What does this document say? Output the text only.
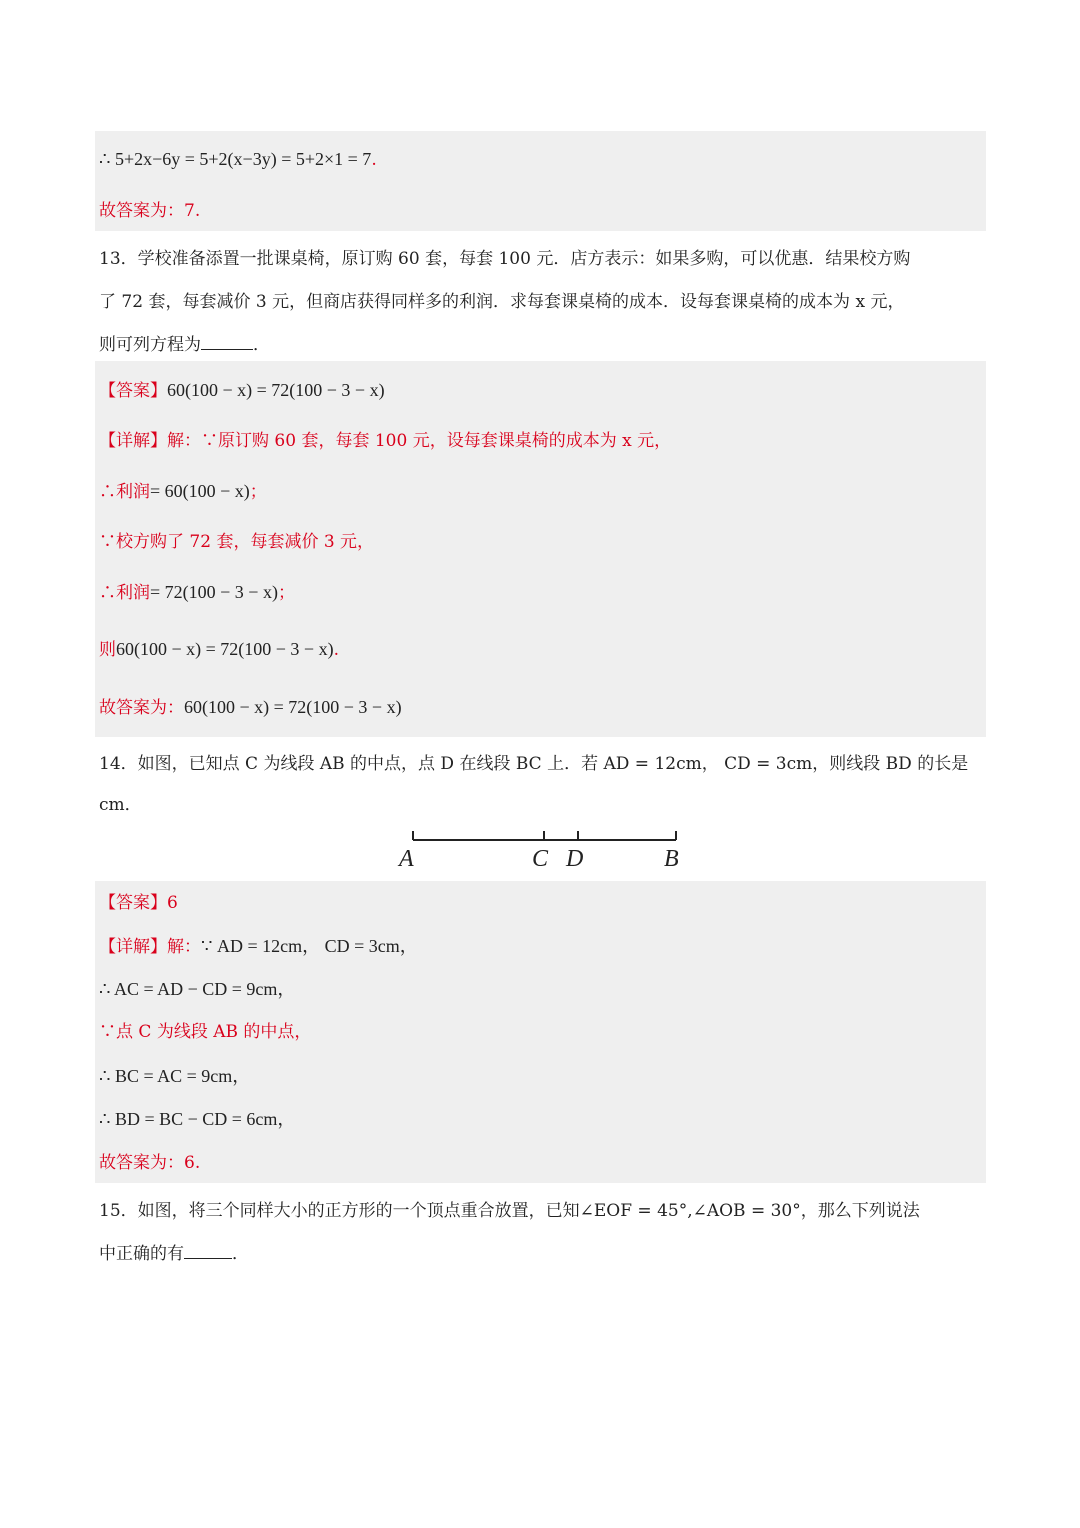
∴ 5+2x−6y = 5+2(x−3y) = 5+2×1 = 7.
故答案为：7.
13．学校准备添置一批课桌椅，原订购 60 套，每套 100 元．店方表示：如果多购，可以优惠．结果校方购
了 72 套，每套减价 3 元，但商店获得同样多的利润．求每套课桌椅的成本．设每套课桌椅的成本为 x 元，
则可列方程为	．
【答案】60(100 − x) = 72(100 − 3 − x)
【详解】解：∵原订购 60 套，每套 100 元，设每套课桌椅的成本为 x 元，
∴利润= 60(100 − x)；
∵校方购了 72 套，每套减价 3 元，
∴利润= 72(100 − 3 − x)；
则60(100 − x) = 72(100 − 3 − x).
故答案为：60(100 − x) = 72(100 − 3 − x)
14．如图，已知点 C 为线段 AB 的中点，点 D 在线段 BC 上．若 AD = 12cm， CD = 3cm，则线段 BD 的长是
cm．
A	C D	B
【答案】6
【详解】解：∵ AD = 12cm， CD = 3cm，
∴ AC = AD − CD = 9cm，
∵点 C 为线段 AB 的中点，
∴ BC = AC = 9cm，
∴ BD = BC − CD = 6cm，
故答案为：6.
15．如图，将三个同样大小的正方形的一个顶点重合放置，已知∠EOF = 45°,∠AOB = 30°，那么下列说法
中正确的有	．
